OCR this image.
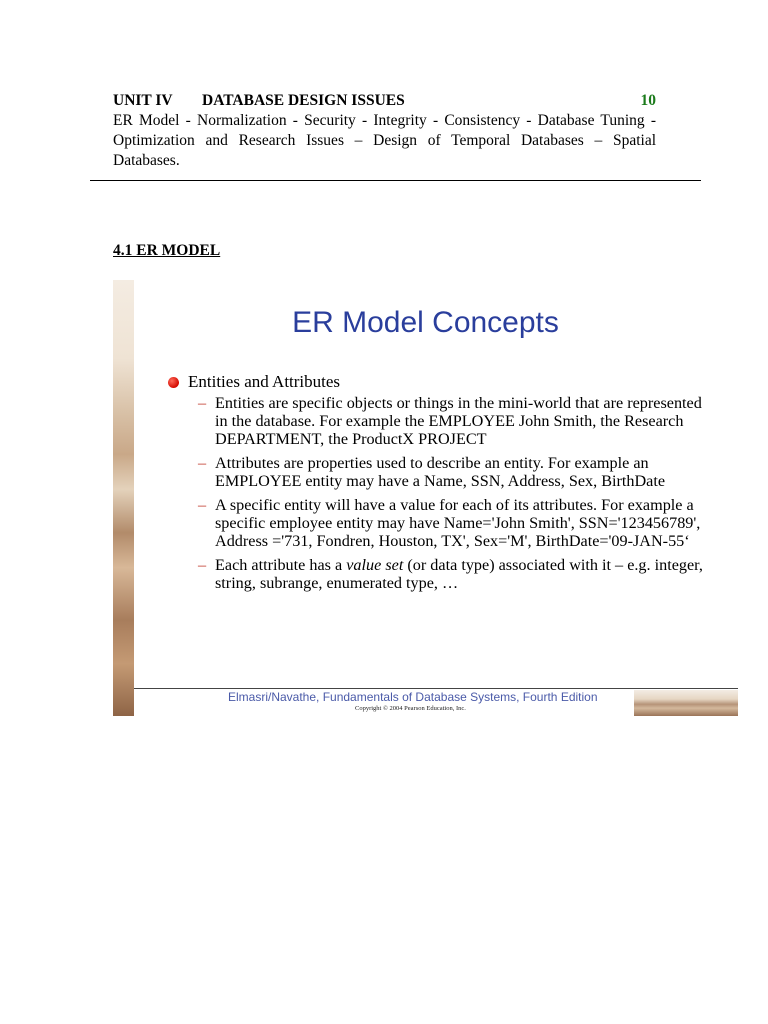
UNIT IV	DATABASE DESIGN ISSUES	10
ER Model - Normalization - Security - Integrity - Consistency - Database Tuning - Optimization and Research Issues – Design of Temporal Databases – Spatial Databases.
4.1 ER MODEL
ER Model Concepts
Entities and Attributes
– Entities are specific objects or things in the mini-world that are represented in the database. For example the EMPLOYEE John Smith, the Research DEPARTMENT, the ProductX PROJECT
– Attributes are properties used to describe an entity. For example an EMPLOYEE entity may have a Name, SSN, Address, Sex, BirthDate
– A specific entity will have a value for each of its attributes. For example a specific employee entity may have Name='John Smith', SSN='123456789', Address ='731, Fondren, Houston, TX', Sex='M', BirthDate='09-JAN-55‘
– Each attribute has a value set (or data type) associated with it – e.g. integer, string, subrange, enumerated type, …
Elmasri/Navathe, Fundamentals of Database Systems, Fourth Edition
Copyright © 2004 Pearson Education, Inc.
